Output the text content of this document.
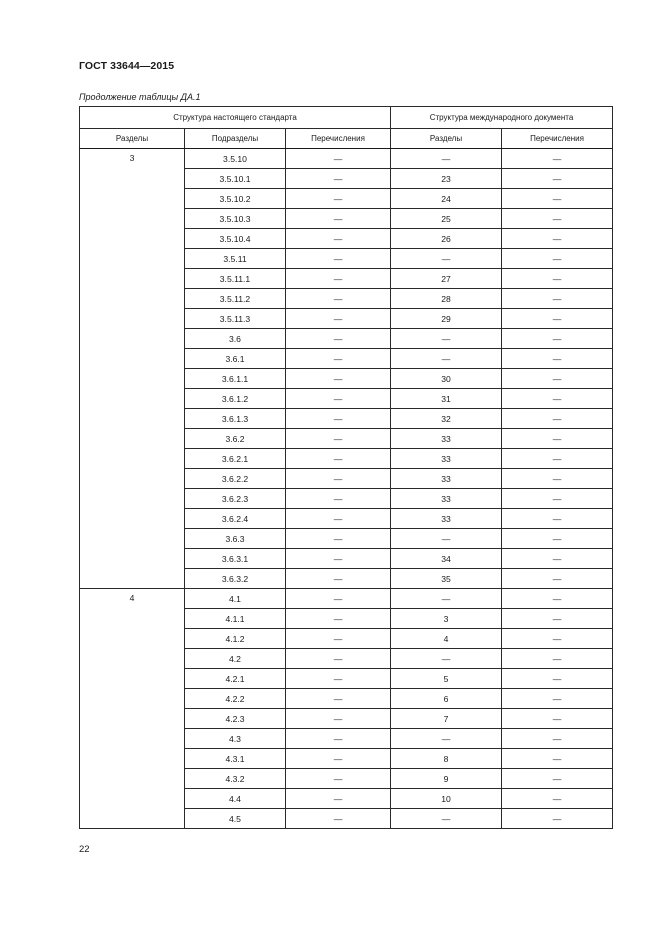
ГОСТ 33644—2015
Продолжение таблицы ДА.1
Структура настоящего стандарта			Структура международного документа	
Разделы	Подразделы	Перечисления	Разделы	Перечисления
3	3.5.10	—	—	—
	3.5.10.1	—	23	—
	3.5.10.2	—	24	—
	3.5.10.3	—	25	—
	3.5.10.4	—	26	—
	3.5.11	—	—	—
	3.5.11.1	—	27	—
	3.5.11.2	—	28	—
	3.5.11.3	—	29	—
	3.6	—	—	—
	3.6.1	—	—	—
	3.6.1.1	—	30	—
	3.6.1.2	—	31	—
	3.6.1.3	—	32	—
	3.6.2	—	33	—
	3.6.2.1	—	33	—
	3.6.2.2	—	33	—
	3.6.2.3	—	33	—
	3.6.2.4	—	33	—
	3.6.3	—	—	—
	3.6.3.1	—	34	—
	3.6.3.2	—	35	—
4	4.1	—	—	—
	4.1.1	—	3	—
	4.1.2	—	4	—
	4.2	—	—	—
	4.2.1	—	5	—
	4.2.2	—	6	—
	4.2.3	—	7	—
	4.3	—	—	—
	4.3.1	—	8	—
	4.3.2	—	9	—
	4.4	—	10	—
	4.5	—	—	—
22
